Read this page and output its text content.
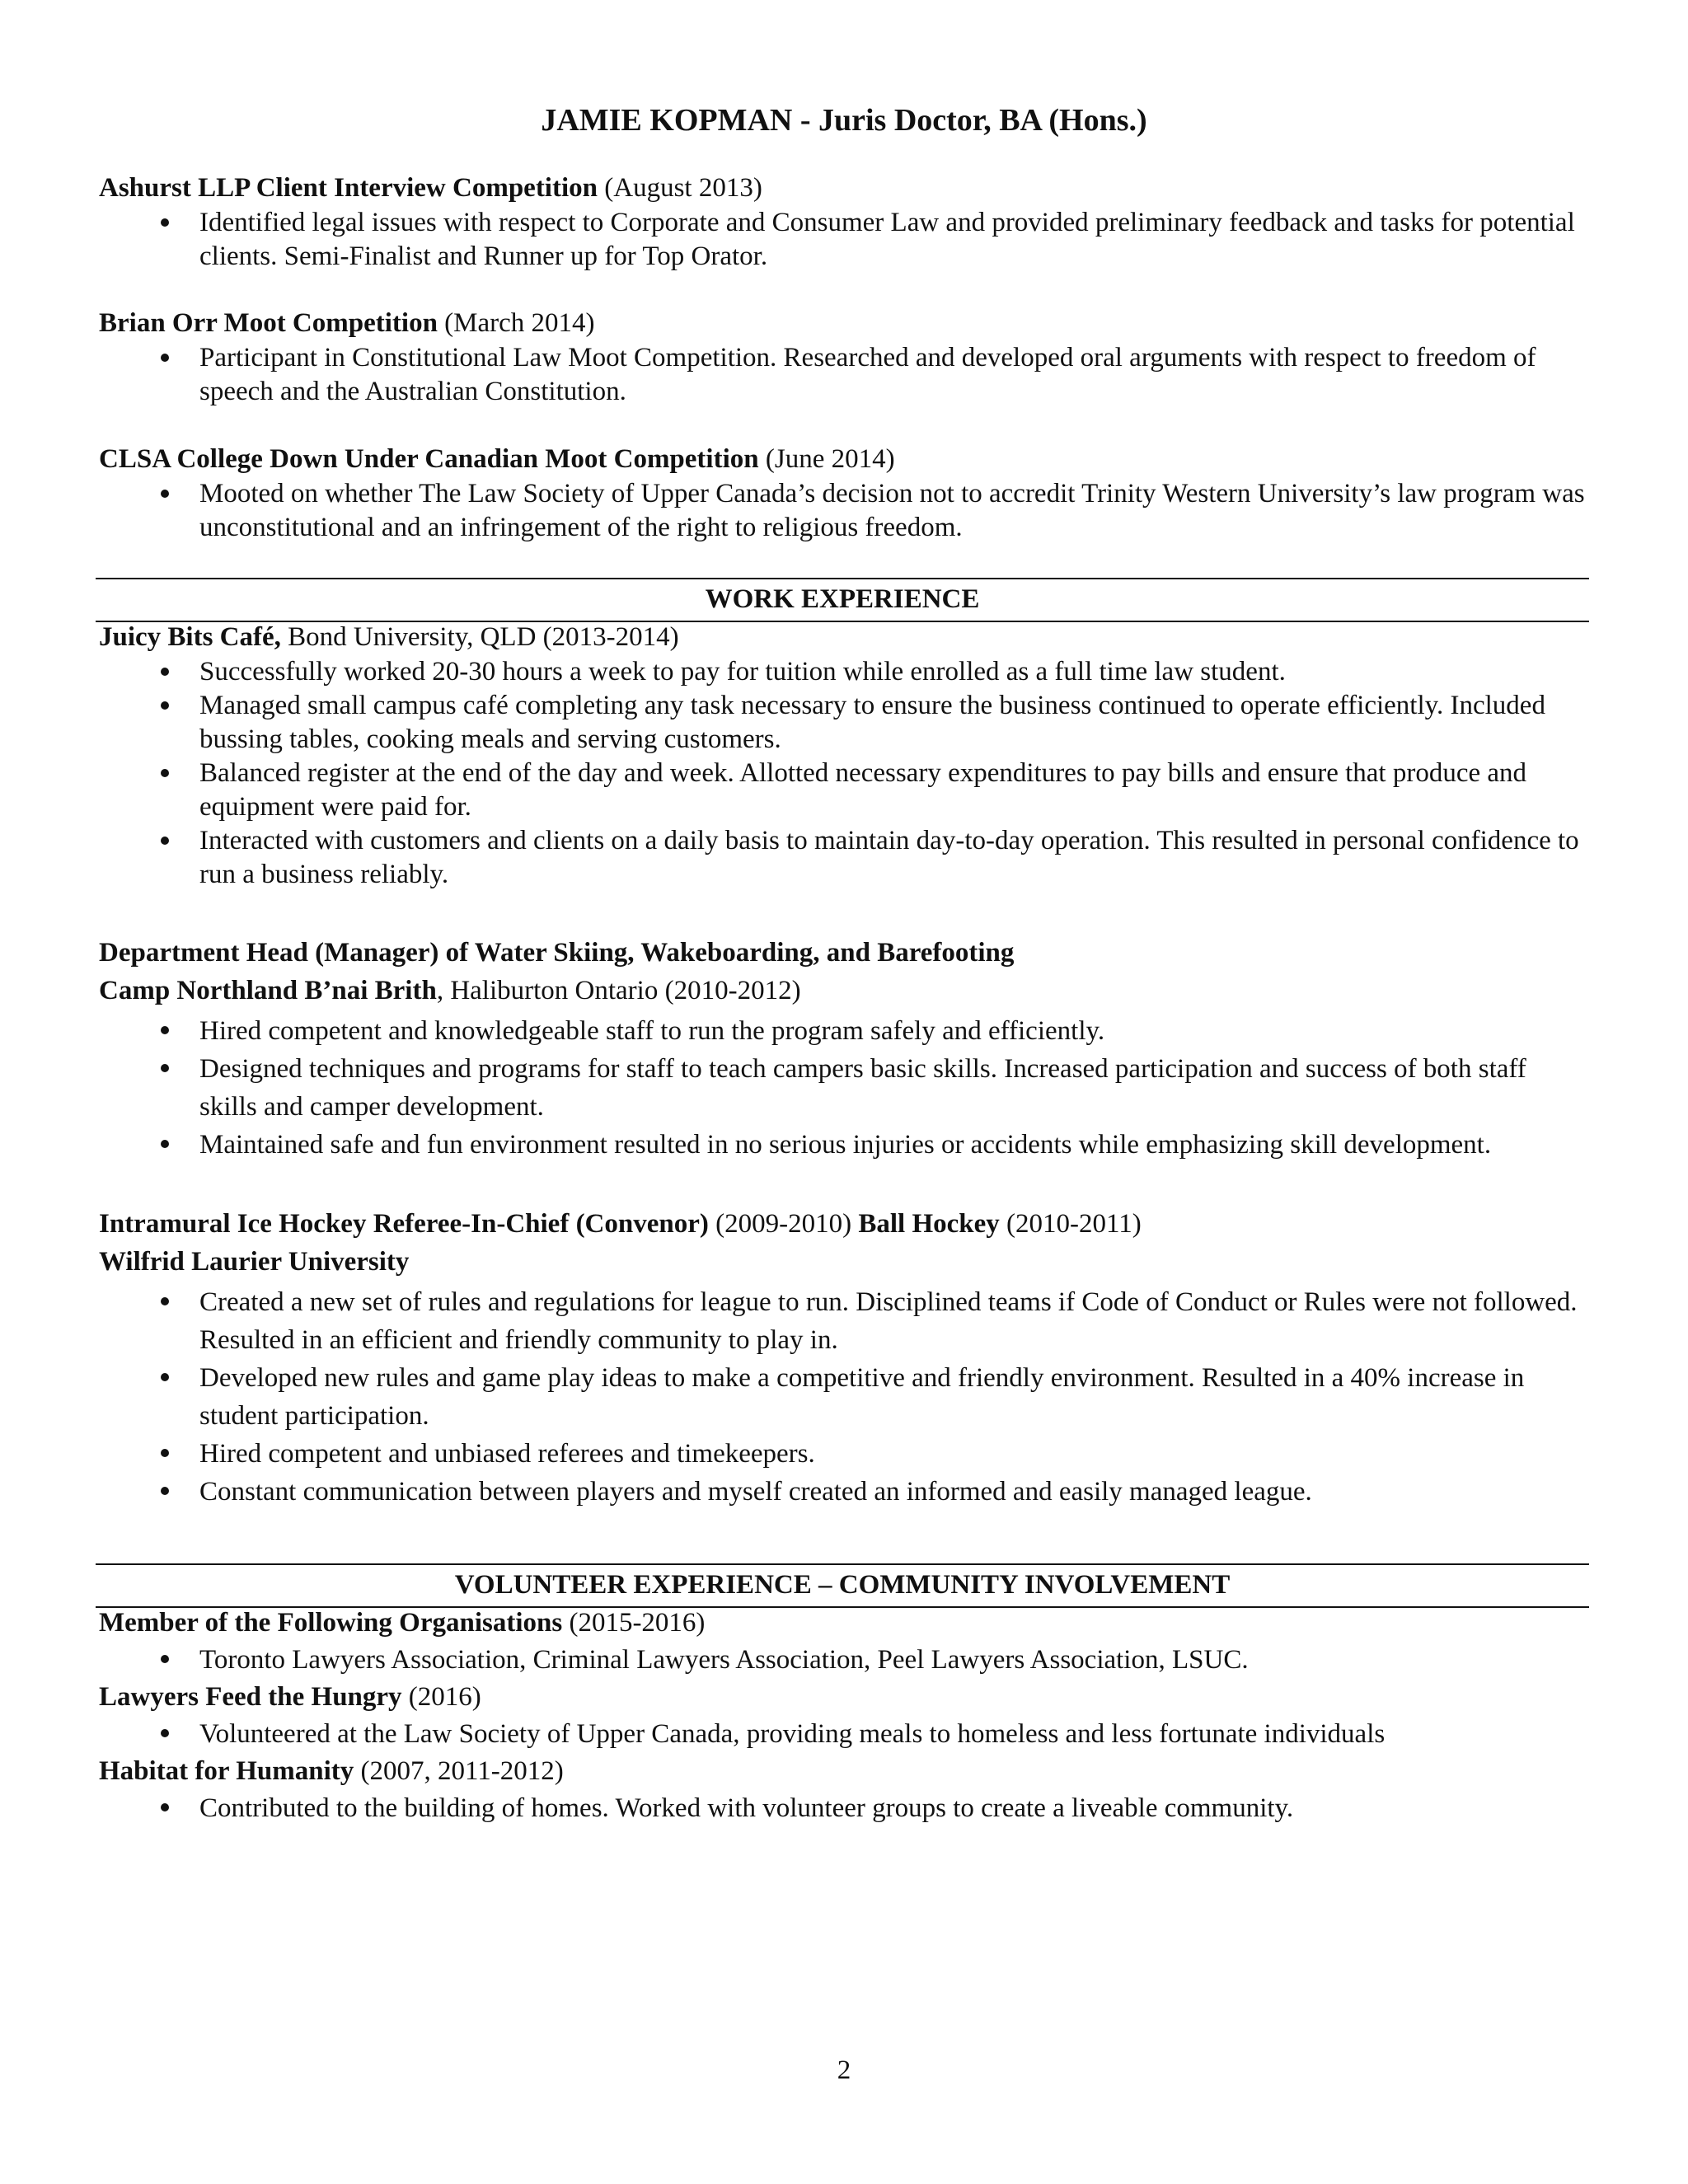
JAMIE KOPMAN - Juris Doctor, BA (Hons.)
Ashurst LLP Client Interview Competition (August 2013)
Identified legal issues with respect to Corporate and Consumer Law and provided preliminary feedback and tasks for potential clients. Semi-Finalist and Runner up for Top Orator.
Brian Orr Moot Competition (March 2014)
Participant in Constitutional Law Moot Competition. Researched and developed oral arguments with respect to freedom of speech and the Australian Constitution.
CLSA College Down Under Canadian Moot Competition (June 2014)
Mooted on whether The Law Society of Upper Canada’s decision not to accredit Trinity Western University’s law program was unconstitutional and an infringement of the right to religious freedom.
WORK EXPERIENCE
Juicy Bits Café, Bond University, QLD (2013-2014)
Successfully worked 20-30 hours a week to pay for tuition while enrolled as a full time law student.
Managed small campus café completing any task necessary to ensure the business continued to operate efficiently. Included bussing tables, cooking meals and serving customers.
Balanced register at the end of the day and week. Allotted necessary expenditures to pay bills and ensure that produce and equipment were paid for.
Interacted with customers and clients on a daily basis to maintain day-to-day operation. This resulted in personal confidence to run a business reliably.
Department Head (Manager) of Water Skiing, Wakeboarding, and Barefooting
Camp Northland B’nai Brith, Haliburton Ontario (2010-2012)
Hired competent and knowledgeable staff to run the program safely and efficiently.
Designed techniques and programs for staff to teach campers basic skills. Increased participation and success of both staff skills and camper development.
Maintained safe and fun environment resulted in no serious injuries or accidents while emphasizing skill development.
Intramural Ice Hockey Referee-In-Chief (Convenor) (2009-2010) Ball Hockey (2010-2011)
Wilfrid Laurier University
Created a new set of rules and regulations for league to run. Disciplined teams if Code of Conduct or Rules were not followed. Resulted in an efficient and friendly community to play in.
Developed new rules and game play ideas to make a competitive and friendly environment. Resulted in a 40% increase in student participation.
Hired competent and unbiased referees and timekeepers.
Constant communication between players and myself created an informed and easily managed league.
VOLUNTEER EXPERIENCE – COMMUNITY INVOLVEMENT
Member of the Following Organisations (2015-2016)
Toronto Lawyers Association, Criminal Lawyers Association, Peel Lawyers Association, LSUC.
Lawyers Feed the Hungry (2016)
Volunteered at the Law Society of Upper Canada, providing meals to homeless and less fortunate individuals
Habitat for Humanity (2007, 2011-2012)
Contributed to the building of homes. Worked with volunteer groups to create a liveable community.
2
